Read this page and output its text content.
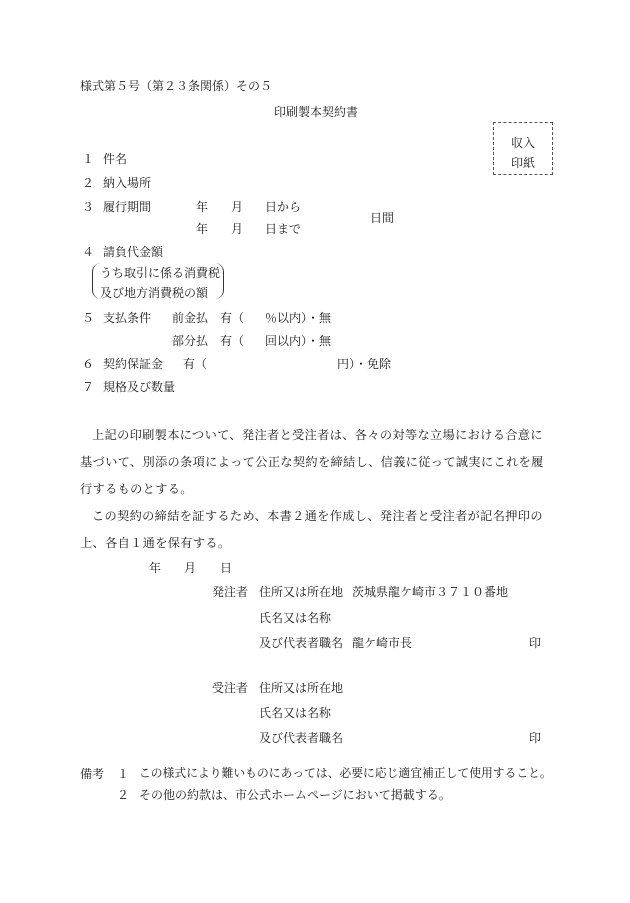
様式第５号（第２３条関係）その５
印刷製本契約書
収入
印紙
１ 件名
２ 納入場所
３ 履行期間	年 月 日から
年 月 日まで
日間
４ 請負代金額
うち取引に係る消費税
及び地方消費税の額
５ 支払条件 前金払 有（ ％以内）・無
部分払 有（ 回以内）・無
６ 契約保証金 有（	円）・免除
７ 規格及び数量
上記の印刷製本について、発注者と受注者は、各々の対等な立場における合意に基づいて、別添の条項によって公正な契約を締結し、信義に従って誠実にこれを履行するものとする。
この契約の締結を証するため、本書２通を作成し、発注者と受注者が記名押印の上、各自１通を保有する。
年 月 日
発注者 住所又は所在地 茨城県龍ケ崎市３７１０番地
氏名又は名称
及び代表者職名 龍ケ崎市長	印
受注者 住所又は所在地
氏名又は名称
及び代表者職名	印
備考 １ この様式により難いものにあっては、必要に応じ適宜補正して使用すること。
２ その他の約款は、市公式ホームページにおいて掲載する。
